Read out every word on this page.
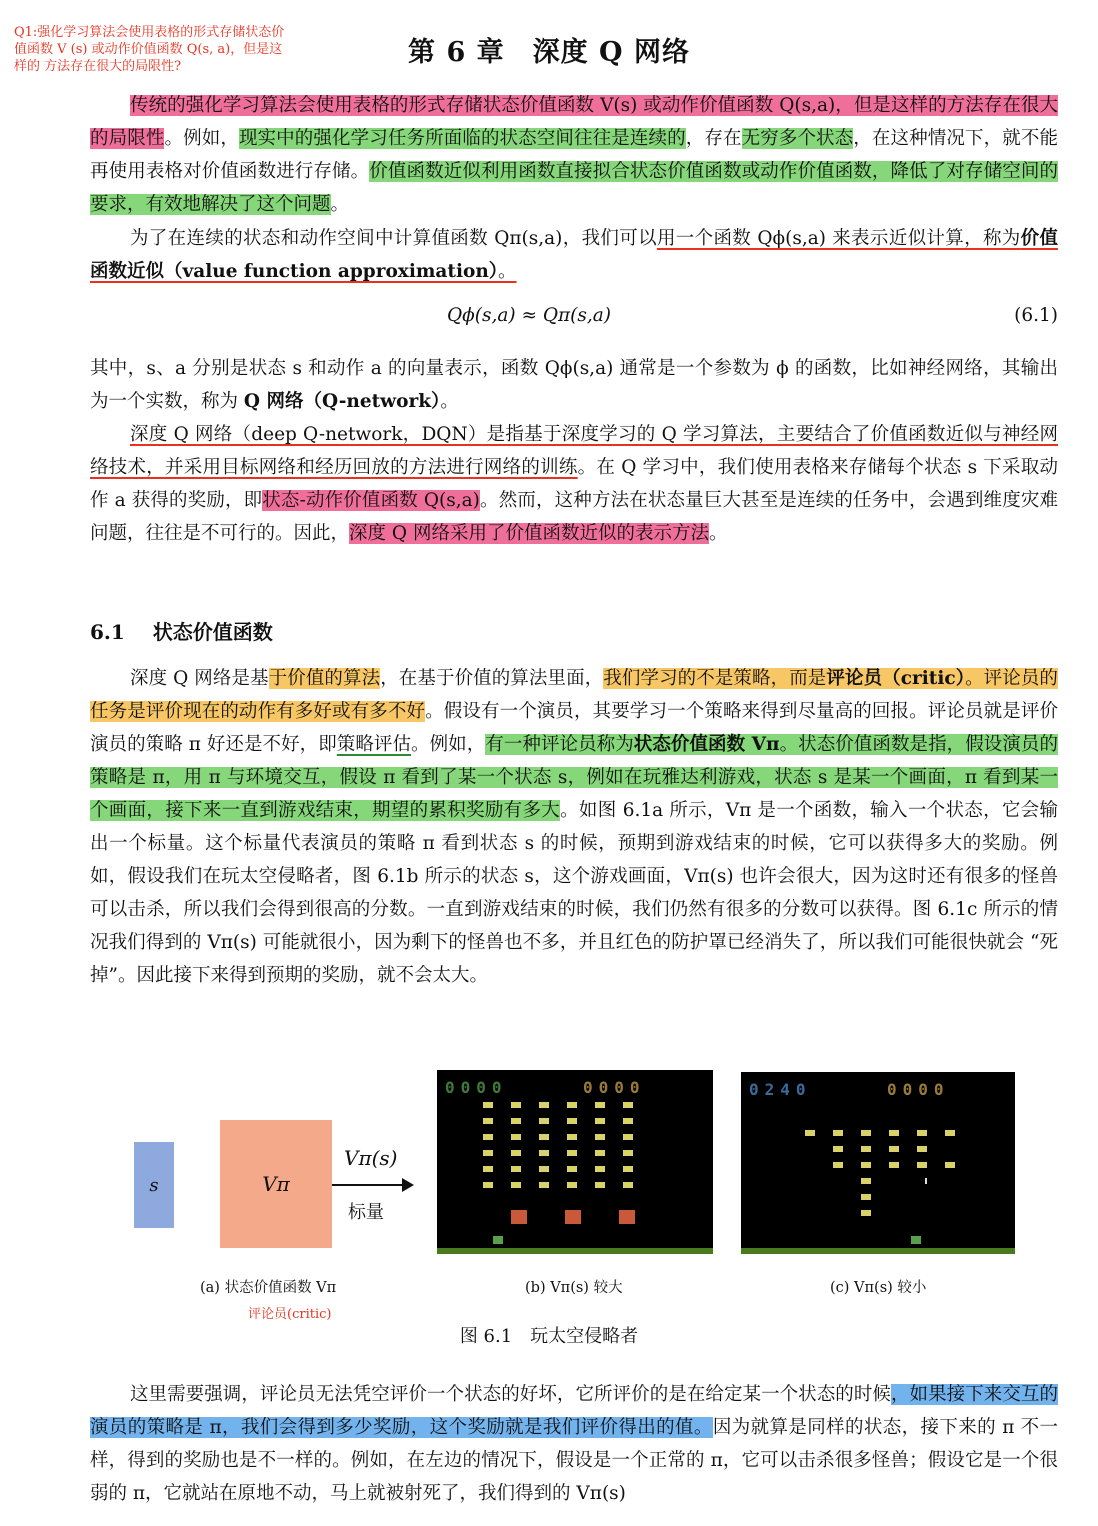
Q1:强化学习算法会使用表格的形式存储状态价值函数 V (s) 或动作价值函数 Q(s, a)，但是这样的 方法存在很大的局限性?	第 6 章　深度 Q 网络
传统的强化学习算法会使用表格的形式存储状态价值函数 V(s) 或动作价值函数 Q(s,a)，但是这样的方法存在很大的局限性。例如，现实中的强化学习任务所面临的状态空间往往是连续的，存在无穷多个状态，在这种情况下，就不能再使用表格对价值函数进行存储。价值函数近似利用函数直接拟合状态价值函数或动作价值函数，降低了对存储空间的要求，有效地解决了这个问题。
为了在连续的状态和动作空间中计算值函数 Qπ(s,a)，我们可以用一个函数 Qϕ(s,a) 来表示近似计算，称为价值函数近似（value function approximation）。
Qϕ(s,a) ≈ Qπ(s,a)	(6.1)
其中，s、a 分别是状态 s 和动作 a 的向量表示，函数 Qϕ(s,a) 通常是一个参数为 ϕ 的函数，比如神经网络，其输出为一个实数，称为 Q 网络（Q-network）。
深度 Q 网络（deep Q-network，DQN）是指基于深度学习的 Q 学习算法，主要结合了价值函数近似与神经网络技术，并采用目标网络和经历回放的方法进行网络的训练。在 Q 学习中，我们使用表格来存储每个状态 s 下采取动作 a 获得的奖励，即状态-动作价值函数 Q(s,a)。然而，这种方法在状态量巨大甚至是连续的任务中，会遇到维度灾难问题，往往是不可行的。因此，深度 Q 网络采用了价值函数近似的表示方法。
6.1 状态价值函数
深度 Q 网络是基于价值的算法，在基于价值的算法里面，我们学习的不是策略，而是评论员（critic）。评论员的任务是评价现在的动作有多好或有多不好。假设有一个演员，其要学习一个策略来得到尽量高的回报。评论员就是评价演员的策略 π 好还是不好，即策略评估。例如，有一种评论员称为状态价值函数 Vπ。状态价值函数是指，假设演员的策略是 π，用 π 与环境交互，假设 π 看到了某一个状态 s，例如在玩雅达利游戏，状态 s 是某一个画面，π 看到某一个画面，接下来一直到游戏结束，期望的累积奖励有多大。如图 6.1a 所示，Vπ 是一个函数，输入一个状态，它会输出一个标量。这个标量代表演员的策略 π 看到状态 s 的时候，预期到游戏结束的时候，它可以获得多大的奖励。例如，假设我们在玩太空侵略者，图 6.1b 所示的状态 s，这个游戏画面，Vπ(s) 也许会很大，因为这时还有很多的怪兽可以击杀，所以我们会得到很高的分数。一直到游戏结束的时候，我们仍然有很多的分数可以获得。图 6.1c 所示的情况我们得到的 Vπ(s) 可能就很小，因为剩下的怪兽也不多，并且红色的防护罩已经消失了，所以我们可能很快就会 “死掉”。因此接下来得到预期的奖励，就不会太大。
s	Vπ
Vπ(s)
标量
0000	0000	0240	0000
(a) 状态价值函数 Vπ	(b) Vπ(s) 较大	(c) Vπ(s) 较小
评论员(critic)
图 6.1　玩太空侵略者
这里需要强调，评论员无法凭空评价一个状态的好坏，它所评价的是在给定某一个状态的时候，如果接下来交互的演员的策略是 π，我们会得到多少奖励，这个奖励就是我们评价得出的值。因为就算是同样的状态，接下来的 π 不一样，得到的奖励也是不一样的。例如，在左边的情况下，假设是一个正常的 π，它可以击杀很多怪兽；假设它是一个很弱的 π，它就站在原地不动，马上就被射死了，我们得到的 Vπ(s)
